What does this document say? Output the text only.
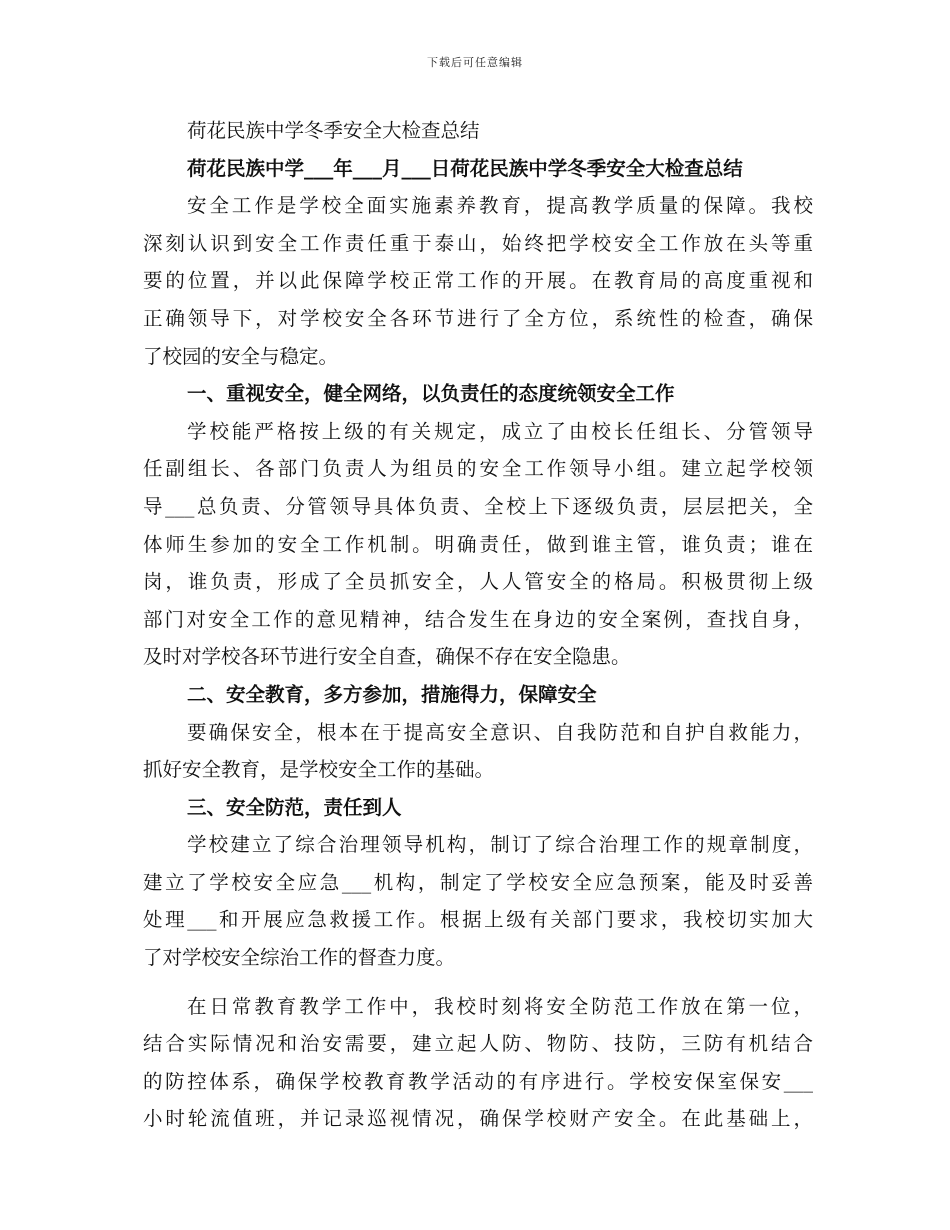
下载后可任意编辑
荷花民族中学冬季安全大检查总结
荷花民族中学___年___月___日荷花民族中学冬季安全大检查总结
安全工作是学校全面实施素养教育，提高教学质量的保障。我校
深刻认识到安全工作责任重于泰山，始终把学校安全工作放在头等重
要的位置，并以此保障学校正常工作的开展。在教育局的高度重视和
正确领导下，对学校安全各环节进行了全方位，系统性的检查，确保
了校园的安全与稳定。
一、重视安全，健全网络，以负责任的态度统领安全工作
学校能严格按上级的有关规定，成立了由校长任组长、分管领导
任副组长、各部门负责人为组员的安全工作领导小组。建立起学校领
导___总负责、分管领导具体负责、全校上下逐级负责，层层把关，全
体师生参加的安全工作机制。明确责任，做到谁主管，谁负责；谁在
岗，谁负责，形成了全员抓安全，人人管安全的格局。积极贯彻上级
部门对安全工作的意见精神，结合发生在身边的安全案例，查找自身，
及时对学校各环节进行安全自查，确保不存在安全隐患。
二、安全教育，多方参加，措施得力，保障安全
要确保安全，根本在于提高安全意识、自我防范和自护自救能力，
抓好安全教育，是学校安全工作的基础。
三、安全防范，责任到人
学校建立了综合治理领导机构，制订了综合治理工作的规章制度，
建立了学校安全应急___机构，制定了学校安全应急预案，能及时妥善
处理___和开展应急救援工作。根据上级有关部门要求，我校切实加大
了对学校安全综治工作的督查力度。
在日常教育教学工作中，我校时刻将安全防范工作放在第一位，
结合实际情况和治安需要，建立起人防、物防、技防，三防有机结合
的防控体系，确保学校教育教学活动的有序进行。学校安保室保安___
小时轮流值班，并记录巡视情况，确保学校财产安全。在此基础上，
